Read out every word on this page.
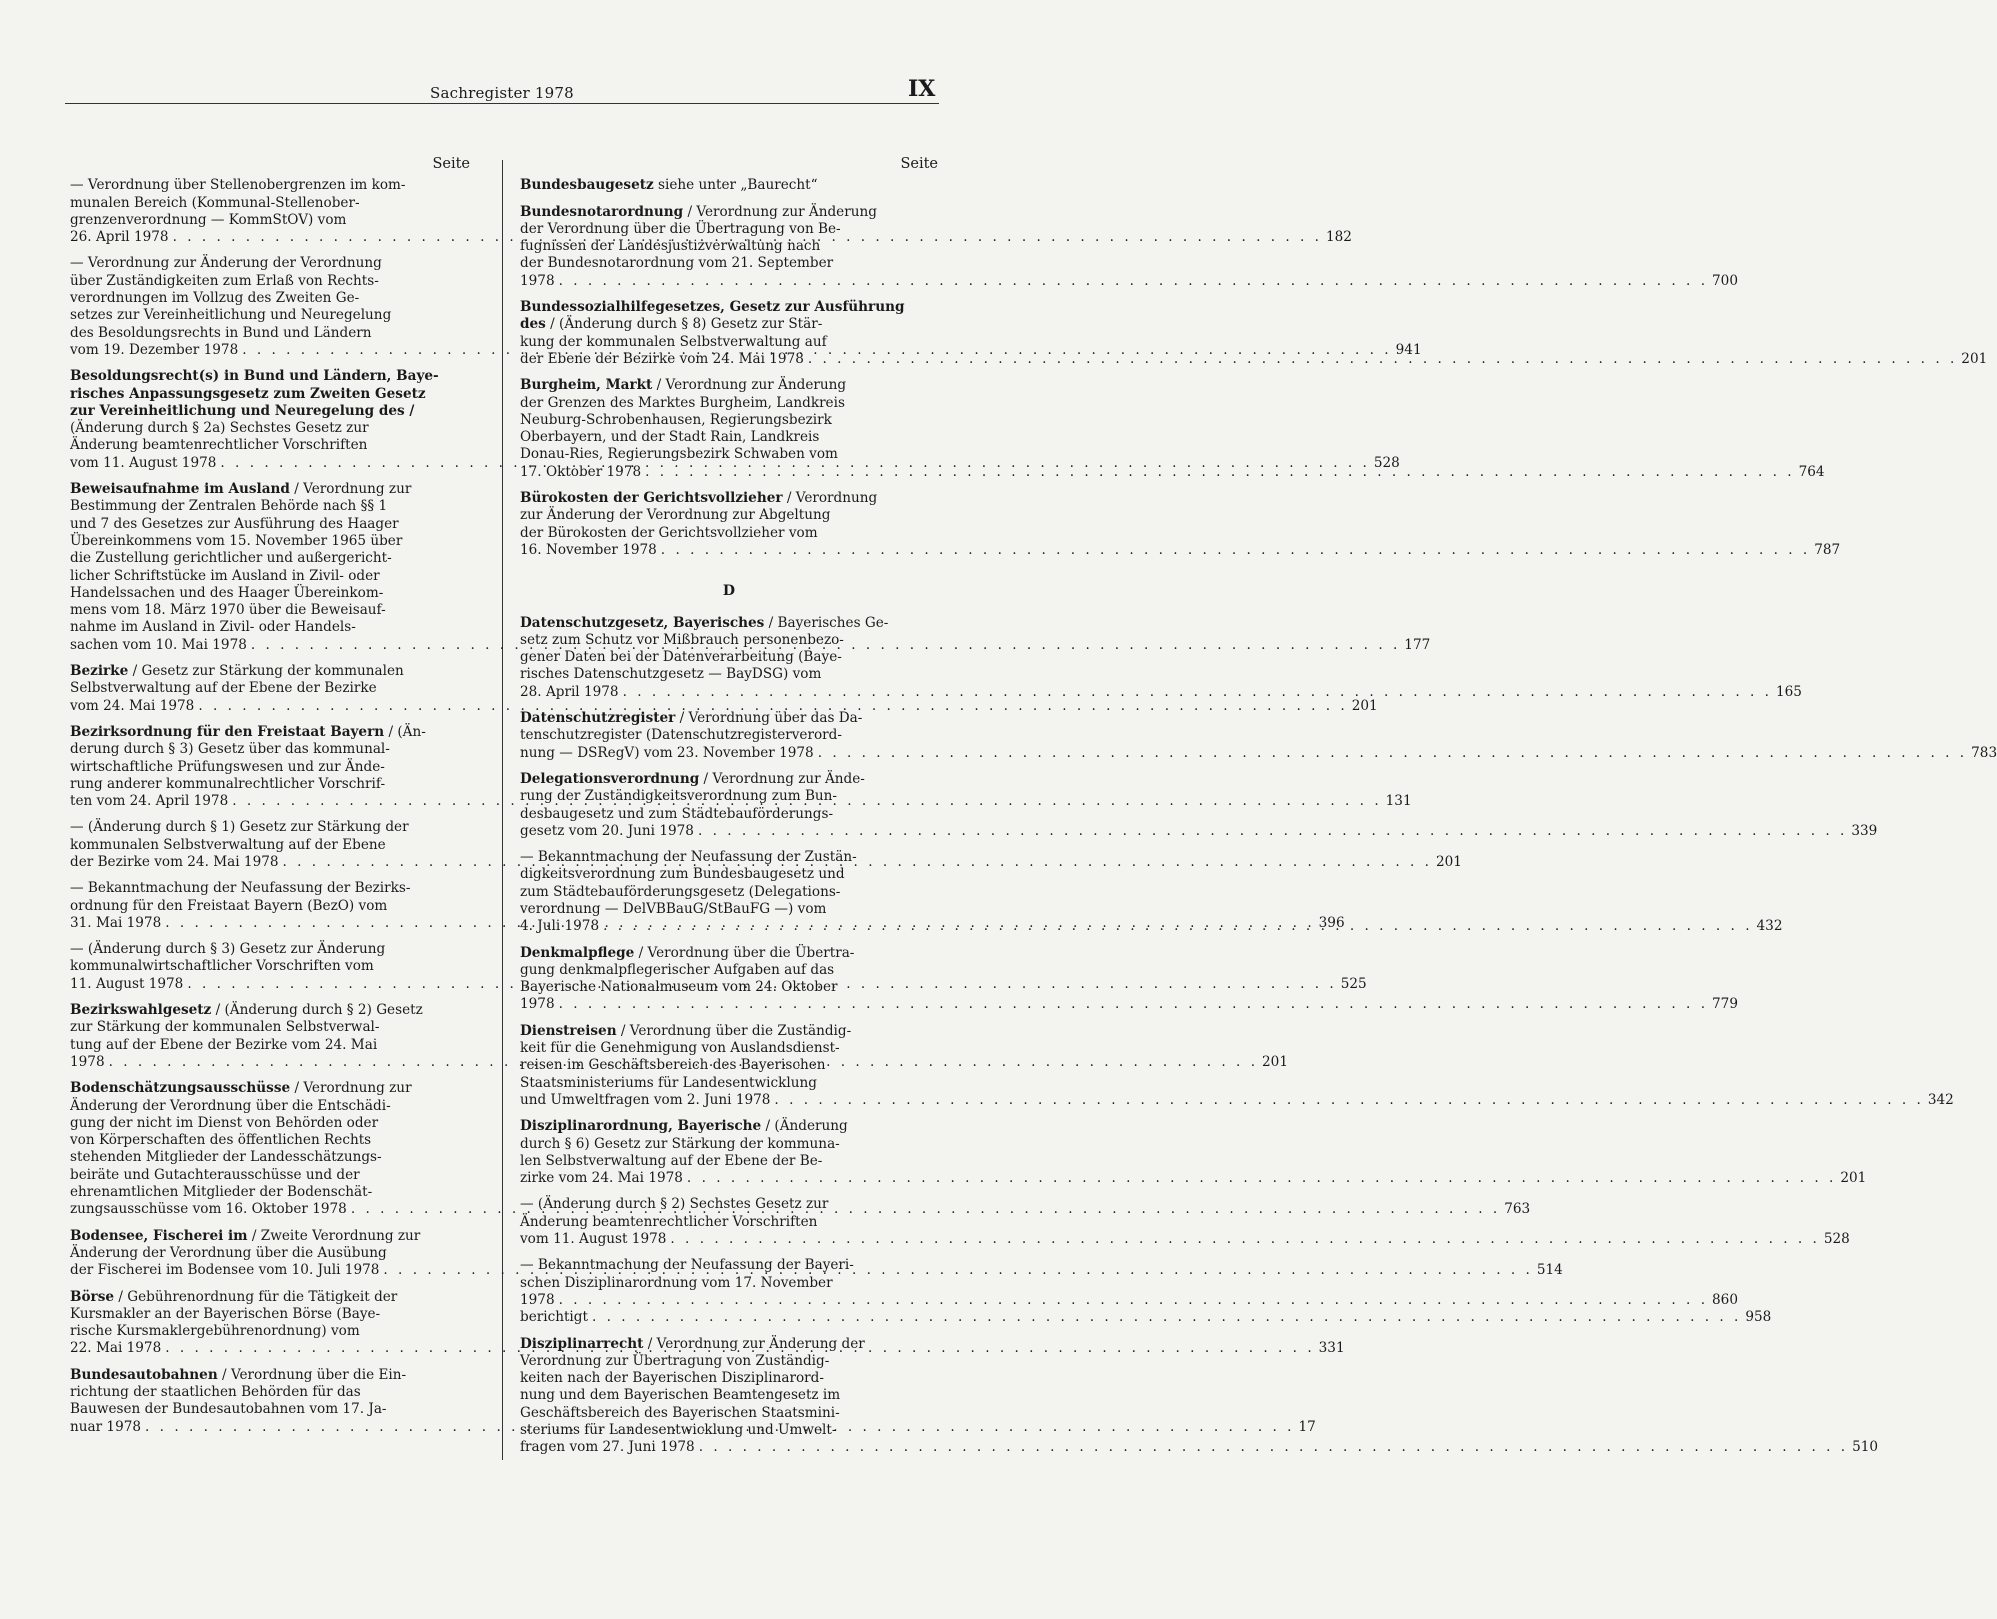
Sachregister 1978	IX
Seite
— Verordnung über Stellenobergrenzen im kom-
munalen Bereich (Kommunal-Stellenober-
grenzenverordnung — KommStOV) vom
26. April 1978 . . .	182
— Verordnung zur Änderung der Verordnung
über Zuständigkeiten zum Erlaß von Rechts-
verordnungen im Vollzug des Zweiten Ge-
setzes zur Vereinheitlichung und Neuregelung
des Besoldungsrechts in Bund und Ländern
vom 19. Dezember 1978 . . .	941
Besoldungsrecht(s) in Bund und Ländern, Baye-
risches Anpassungsgesetz zum Zweiten Gesetz
zur Vereinheitlichung und Neuregelung des /
(Änderung durch § 2a) Sechstes Gesetz zur
Änderung beamtenrechtlicher Vorschriften
vom 11. August 1978 . . .	528
Beweisaufnahme im Ausland / Verordnung zur
Bestimmung der Zentralen Behörde nach §§ 1
und 7 des Gesetzes zur Ausführung des Haager
Übereinkommens vom 15. November 1965 über
die Zustellung gerichtlicher und außergericht-
licher Schriftstücke im Ausland in Zivil- oder
Handelssachen und des Haager Übereinkom-
mens vom 18. März 1970 über die Beweisauf-
nahme im Ausland in Zivil- oder Handels-
sachen vom 10. Mai 1978 . . .	177
Bezirke / Gesetz zur Stärkung der kommunalen
Selbstverwaltung auf der Ebene der Bezirke
vom 24. Mai 1978 . . .	201
Bezirksordnung für den Freistaat Bayern / (Än-
derung durch § 3) Gesetz über das kommunal-
wirtschaftliche Prüfungswesen und zur Ände-
rung anderer kommunalrechtlicher Vorschrif-
ten vom 24. April 1978 . . .	131
— (Änderung durch § 1) Gesetz zur Stärkung der
kommunalen Selbstverwaltung auf der Ebene
der Bezirke vom 24. Mai 1978 . . .	201
— Bekanntmachung der Neufassung der Bezirks-
ordnung für den Freistaat Bayern (BezO) vom
31. Mai 1978 . . .	396
— (Änderung durch § 3) Gesetz zur Änderung
kommunalwirtschaftlicher Vorschriften vom
11. August 1978 . . .	525
Bezirkswahlgesetz / (Änderung durch § 2) Gesetz
zur Stärkung der kommunalen Selbstverwal-
tung auf der Ebene der Bezirke vom 24. Mai
1978 . . .	201
Bodenschätzungsausschüsse / Verordnung zur
Änderung der Verordnung über die Entschädi-
gung der nicht im Dienst von Behörden oder
von Körperschaften des öffentlichen Rechts
stehenden Mitglieder der Landesschätzungs-
beiräte und Gutachterausschüsse und der
ehrenamtlichen Mitglieder der Bodenschät-
zungsausschüsse vom 16. Oktober 1978 . . .	763
Bodensee, Fischerei im / Zweite Verordnung zur
Änderung der Verordnung über die Ausübung
der Fischerei im Bodensee vom 10. Juli 1978 . . .	514
Börse / Gebührenordnung für die Tätigkeit der
Kursmakler an der Bayerischen Börse (Baye-
rische Kursmaklergebührenordnung) vom
22. Mai 1978 . . .	331
Bundesautobahnen / Verordnung über die Ein-
richtung der staatlichen Behörden für das
Bauwesen der Bundesautobahnen vom 17. Ja-
nuar 1978 . . .	17
Seite
Bundesbaugesetz siehe unter „Baurecht“
Bundesnotarordnung / Verordnung zur Änderung
der Verordnung über die Übertragung von Be-
fugnissen der Landesjustizverwaltung nach
der Bundesnotarordnung vom 21. September
1978 . . .	700
Bundessozialhilfegesetzes, Gesetz zur Ausführung
des / (Änderung durch § 8) Gesetz zur Stär-
kung der kommunalen Selbstverwaltung auf
der Ebene der Bezirke vom 24. Mai 1978 . . .	201
Burgheim, Markt / Verordnung zur Änderung
der Grenzen des Marktes Burgheim, Landkreis
Neuburg-Schrobenhausen, Regierungsbezirk
Oberbayern, und der Stadt Rain, Landkreis
Donau-Ries, Regierungsbezirk Schwaben vom
17. Oktober 1978 . . .	764
Bürokosten der Gerichtsvollzieher / Verordnung
zur Änderung der Verordnung zur Abgeltung
der Bürokosten der Gerichtsvollzieher vom
16. November 1978 . . .	787
D
Datenschutzgesetz, Bayerisches / Bayerisches Ge-
setz zum Schutz vor Mißbrauch personenbezo-
gener Daten bei der Datenverarbeitung (Baye-
risches Datenschutzgesetz — BayDSG) vom
28. April 1978 . . .	165
Datenschutzregister / Verordnung über das Da-
tenschutzregister (Datenschutzregisterverord-
nung — DSRegV) vom 23. November 1978 . . .	783
Delegationsverordnung / Verordnung zur Ände-
rung der Zuständigkeitsverordnung zum Bun-
desbaugesetz und zum Städtebauförderungs-
gesetz vom 20. Juni 1978 . . .	339
— Bekanntmachung der Neufassung der Zustän-
digkeitsverordnung zum Bundesbaugesetz und
zum Städtebauförderungsgesetz (Delegations-
verordnung — DelVBBauG/StBauFG —) vom
4. Juli 1978 . . .	432
Denkmalpflege / Verordnung über die Übertra-
gung denkmalpflegerischer Aufgaben auf das
Bayerische Nationalmuseum vom 24. Oktober
1978 . . .	779
Dienstreisen / Verordnung über die Zuständig-
keit für die Genehmigung von Auslandsdienst-
reisen im Geschäftsbereich des Bayerischen
Staatsministeriums für Landesentwicklung
und Umweltfragen vom 2. Juni 1978 . . .	342
Disziplinarordnung, Bayerische / (Änderung
durch § 6) Gesetz zur Stärkung der kommuna-
len Selbstverwaltung auf der Ebene der Be-
zirke vom 24. Mai 1978 . . .	201
— (Änderung durch § 2) Sechstes Gesetz zur
Änderung beamtenrechtlicher Vorschriften
vom 11. August 1978 . . .	528
— Bekanntmachung der Neufassung der Bayeri-
schen Disziplinarordnung vom 17. November
1978 . . .	860
berichtigt . . .	958
Disziplinarrecht / Verordnung zur Änderung der
Verordnung zur Übertragung von Zuständig-
keiten nach der Bayerischen Disziplinarord-
nung und dem Bayerischen Beamtengesetz im
Geschäftsbereich des Bayerischen Staatsmini-
steriums für Landesentwicklung und Umwelt-
fragen vom 27. Juni 1978 . . .	510
